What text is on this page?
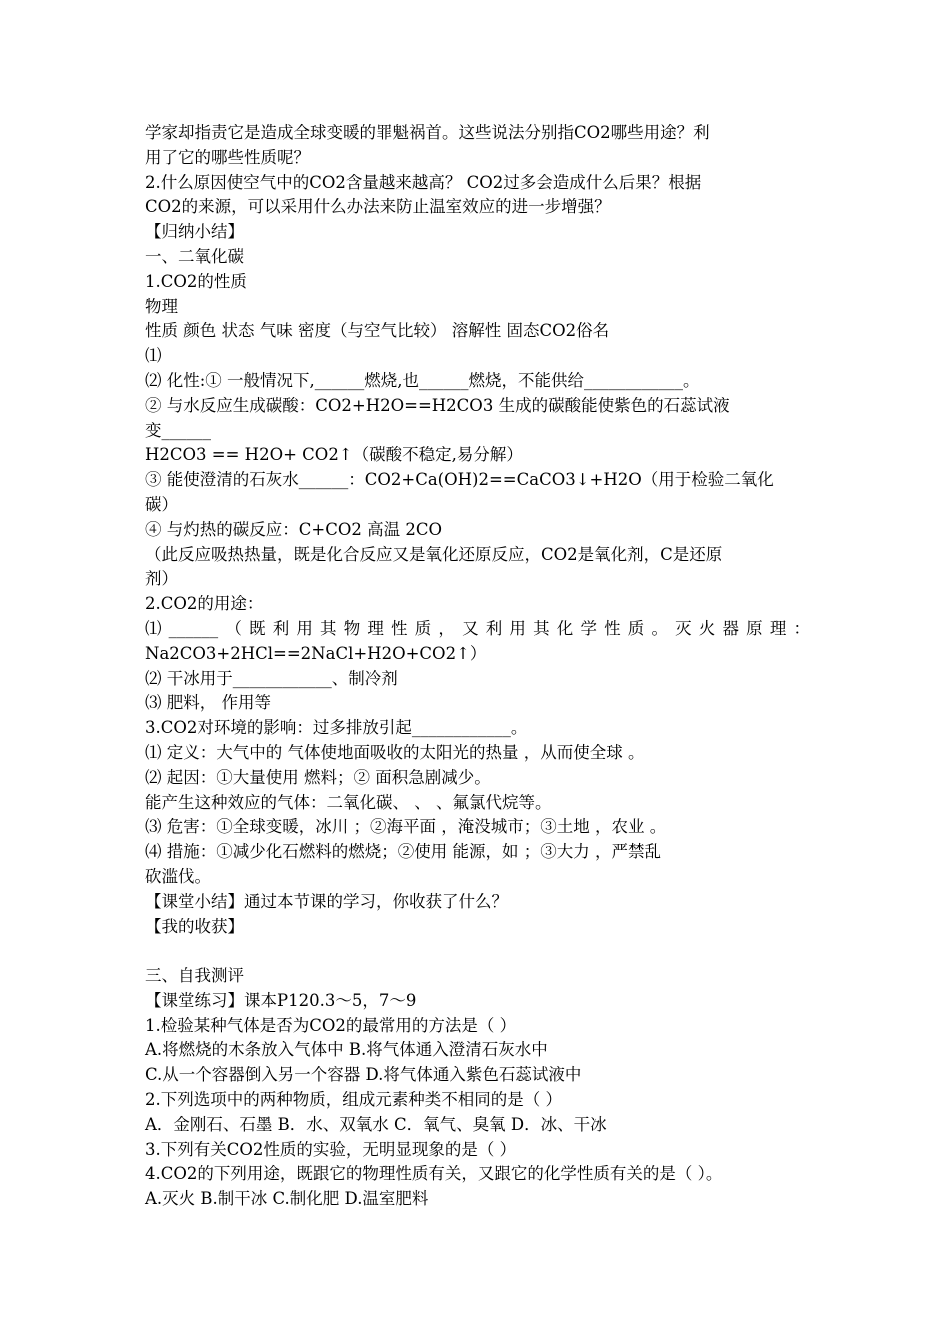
学家却指责它是造成全球变暖的罪魁祸首。这些说法分别指CO2哪些用途？利
用了它的哪些性质呢？
2.什么原因使空气中的CO2含量越来越高？ CO2过多会造成什么后果？根据
CO2的来源，可以采用什么办法来防止温室效应的进一步增强？
【归纳小结】
一、二氧化碳
1.CO2的性质
物理
性质 颜色 状态 气味 密度（与空气比较） 溶解性 固态CO2俗名
⑴
⑵ 化性:① 一般情况下,______燃烧,也______燃烧，不能供给____________。
② 与水反应生成碳酸：CO2+H2O==H2CO3 生成的碳酸能使紫色的石蕊试液
变______
H2CO3 == H2O+ CO2↑（碳酸不稳定,易分解）
③ 能使澄清的石灰水______：CO2+Ca(OH)2==CaCO3↓+H2O（用于检验二氧化
碳）
④ 与灼热的碳反应：C+CO2 高温 2CO
（此反应吸热热量，既是化合反应又是氧化还原反应，CO2是氧化剂，C是还原
剂）
2.CO2的用途：
⑴______（既利用其物理性质，又利用其化学性质。灭火器原理：
Na2CO3+2HCl==2NaCl+H2O+CO2↑）
⑵ 干冰用于____________、制冷剂
⑶ 肥料， 作用等
3.CO2对环境的影响：过多排放引起____________。
⑴ 定义：大气中的 气体使地面吸收的太阳光的热量 ，从而使全球 。
⑵ 起因：①大量使用 燃料；② 面积急剧减少。
能产生这种效应的气体：二氧化碳、 、 、氟氯代烷等。
⑶ 危害：①全球变暖，冰川 ；②海平面 ，淹没城市；③土地 ，农业 。
⑷ 措施：①减少化石燃料的燃烧；②使用 能源，如 ；③大力 ，严禁乱
砍滥伐。
【课堂小结】通过本节课的学习，你收获了什么？
【我的收获】
三、自我测评
【课堂练习】课本P120.3～5，7～9
1.检验某种气体是否为CO2的最常用的方法是（ ）
A.将燃烧的木条放入气体中 B.将气体通入澄清石灰水中
C.从一个容器倒入另一个容器 D.将气体通入紫色石蕊试液中
2.下列选项中的两种物质，组成元素种类不相同的是（ ）
A．金刚石、石墨 B．水、双氧水 C．氧气、臭氧 D．冰、干冰
3.下列有关CO2性质的实验，无明显现象的是（ ）
4.CO2的下列用途，既跟它的物理性质有关，又跟它的化学性质有关的是（ ）。
A.灭火 B.制干冰 C.制化肥 D.温室肥料
